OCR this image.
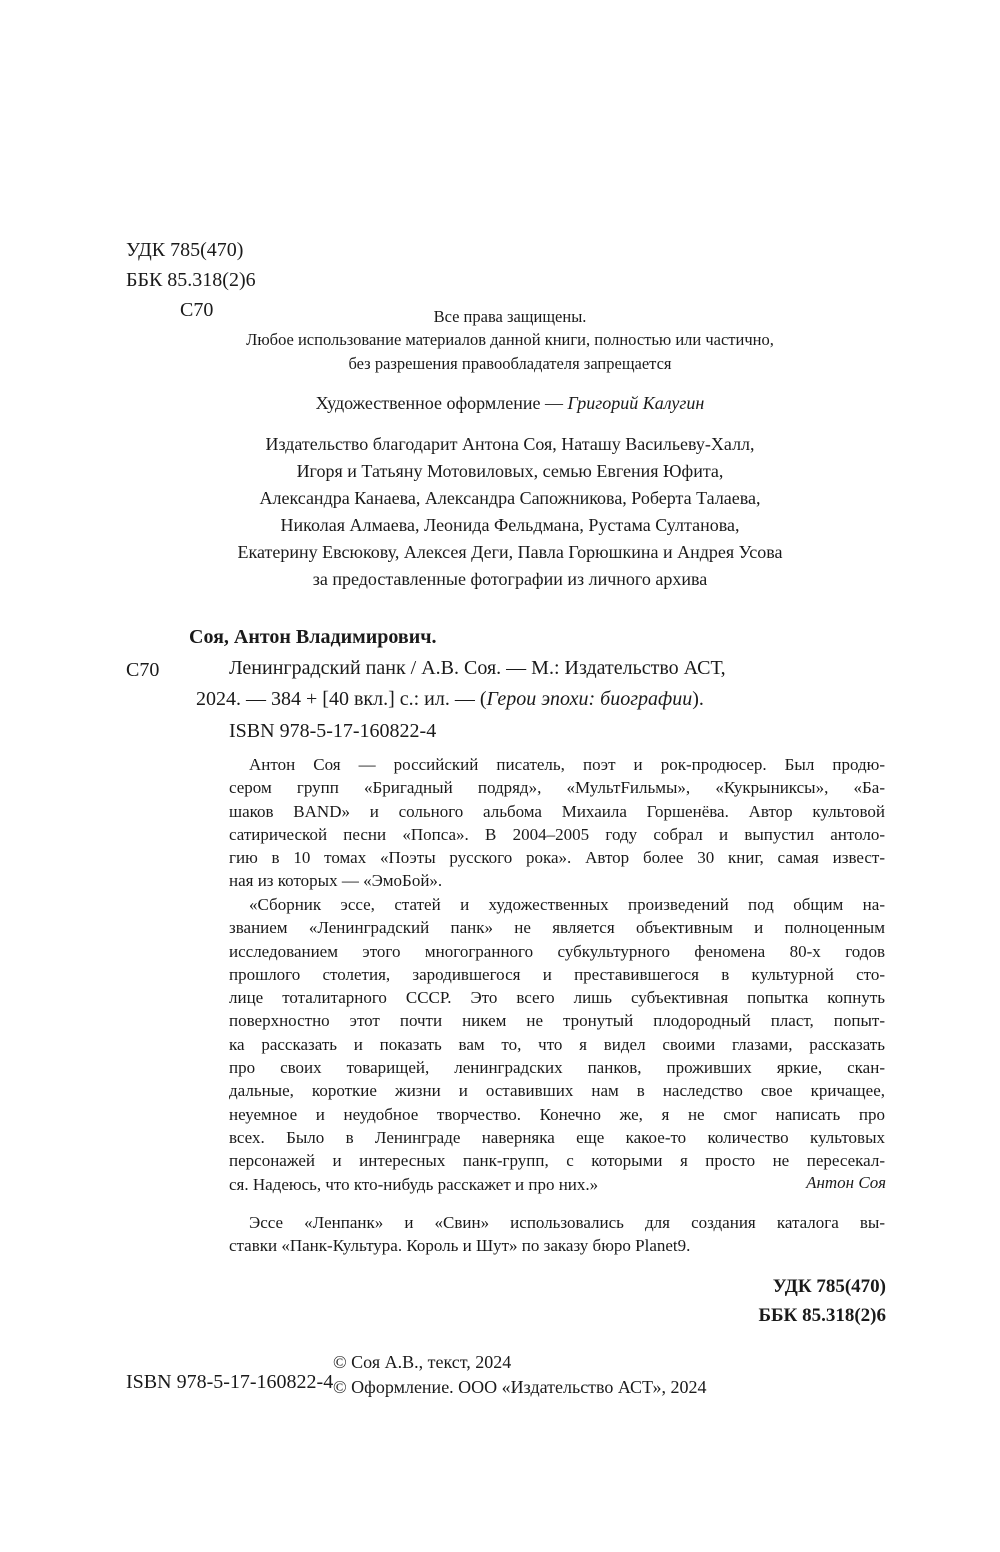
УДК 785(470)
ББК 85.318(2)6
С70	Все права защищены.
Любое использование материалов данной книги, полностью или частично,
без разрешения правообладателя запрещается
Художественное оформление — Григорий Калугин
Издательство благодарит Антона Соя, Наташу Васильеву-Халл,
Игоря и Татьяну Мотовиловых, семью Евгения Юфита,
Александра Канаева, Александра Сапожникова, Роберта Талаева,
Николая Алмаева, Леонида Фельдмана, Рустама Султанова,
Екатерину Евсюкову, Алексея Деги, Павла Горюшкина и Андрея Усова
за предоставленные фотографии из личного архива
Соя, Антон Владимирович.
С70	Ленинградский панк / А.В. Соя. — М.: Издательство АСТ,
2024. — 384 + [40 вкл.] с.: ил. — (Герои эпохи: биографии).
ISBN 978-5-17-160822-4
Антон Соя — российский писатель, поэт и рок-продюсер. Был продю-
сером групп «Бригадный подряд», «МультFильмы», «Кукрыниксы», «Ба-
шаков BAND» и сольного альбома Михаила Горшенёва. Автор культовой
сатирической песни «Попса». В 2004–2005 году собрал и выпустил антоло-
гию в 10 томах «Поэты русского рока». Автор более 30 книг, самая извест-
ная из которых — «ЭмоБой».
«Сборник эссе, статей и художественных произведений под общим на-
званием «Ленинградский панк» не является объективным и полноценным
исследованием этого многогранного субкультурного феномена 80-х годов
прошлого столетия, зародившегося и преставившегося в культурной сто-
лице тоталитарного СССР. Это всего лишь субъективная попытка копнуть
поверхностно этот почти никем не тронутый плодородный пласт, попыт-
ка рассказать и показать вам то, что я видел своими глазами, рассказать
про своих товарищей, ленинградских панков, проживших яркие, скан-
дальные, короткие жизни и оставивших нам в наследство свое кричащее,
неуемное и неудобное творчество. Конечно же, я не смог написать про
всех. Было в Ленинграде наверняка еще какое-то количество культовых
персонажей и интересных панк-групп, с которыми я просто не пересекал-
ся. Надеюсь, что кто-нибудь расскажет и про них.»	Антон Соя
Эссе «Ленпанк» и «Свин» использовались для создания каталога вы-
ставки «Панк-Культура. Король и Шут» по заказу бюро Planet9.
УДК 785(470)
ББК 85.318(2)6
ISBN 978-5-17-160822-4
© Соя А.В., текст, 2024
© Оформление. ООО «Издательство АСТ», 2024
